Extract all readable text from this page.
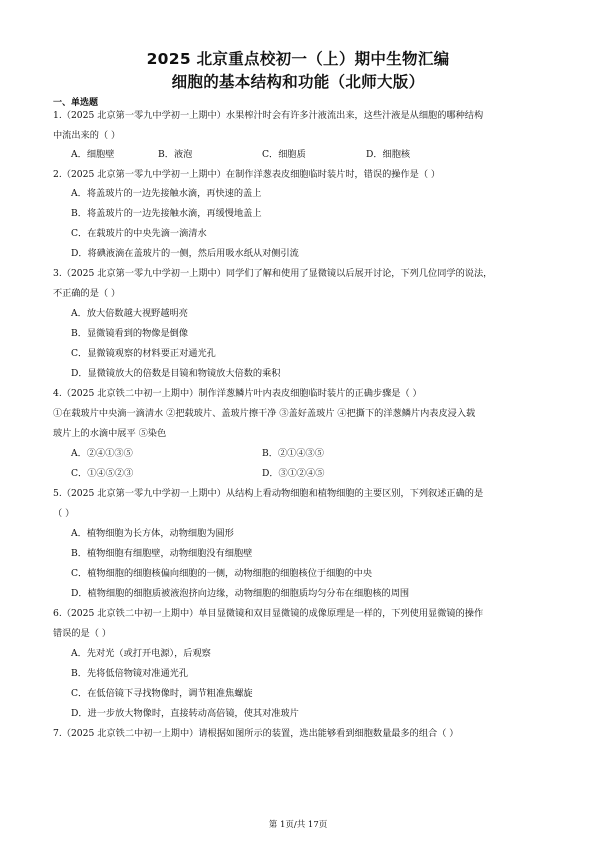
2025 北京重点校初一（上）期中生物汇编
细胞的基本结构和功能（北师大版）
一、单选题
1.（2025 北京第一零九中学初一上期中）水果榨汁时会有许多汁液流出来，这些汁液是从细胞的哪种结构
中流出来的（ ）
A．细胞壁	B．液泡	C．细胞质	D．细胞核
2.（2025 北京第一零九中学初一上期中）在制作洋葱表皮细胞临时装片时，错误的操作是（ ）
A．将盖玻片的一边先接触水滴，再快速的盖上
B．将盖玻片的一边先接触水滴，再缓慢地盖上
C．在载玻片的中央先滴一滴清水
D．将碘液滴在盖玻片的一侧，然后用吸水纸从对侧引流
3.（2025 北京第一零九中学初一上期中）同学们了解和使用了显微镜以后展开讨论，下列几位同学的说法，
不正确的是（ ）
A．放大倍数越大视野越明亮
B．显微镜看到的物像是倒像
C．显微镜观察的材料要正对通光孔
D．显微镜放大的倍数是目镜和物镜放大倍数的乘积
4.（2025 北京铁二中初一上期中）制作洋葱鳞片叶内表皮细胞临时装片的正确步骤是（ ）
①在载玻片中央滴一滴清水 ②把载玻片、盖玻片擦干净 ③盖好盖玻片 ④把撕下的洋葱鳞片内表皮浸入载
玻片上的水滴中展平 ⑤染色
A．②④①③⑤	B．②①④③⑤
C．①④⑤②③	D．③①②④⑤
5.（2025 北京第一零九中学初一上期中）从结构上看动物细胞和植物细胞的主要区别，下列叙述正确的是
（ ）
A．植物细胞为长方体，动物细胞为圆形
B．植物细胞有细胞壁，动物细胞没有细胞壁
C．植物细胞的细胞核偏向细胞的一侧，动物细胞的细胞核位于细胞的中央
D．植物细胞的细胞质被液泡挤向边缘，动物细胞的细胞质均匀分布在细胞核的周围
6.（2025 北京铁二中初一上期中）单目显微镜和双目显微镜的成像原理是一样的，下列使用显微镜的操作
错误的是（ ）
A．先对光（或打开电源），后观察
B．先将低倍物镜对准通光孔
C．在低倍镜下寻找物像时，调节粗准焦螺旋
D．进一步放大物像时，直接转动高倍镜，使其对准玻片
7.（2025 北京铁二中初一上期中）请根据如图所示的装置，选出能够看到细胞数量最多的组合（ ）
第 1页/共 17页
